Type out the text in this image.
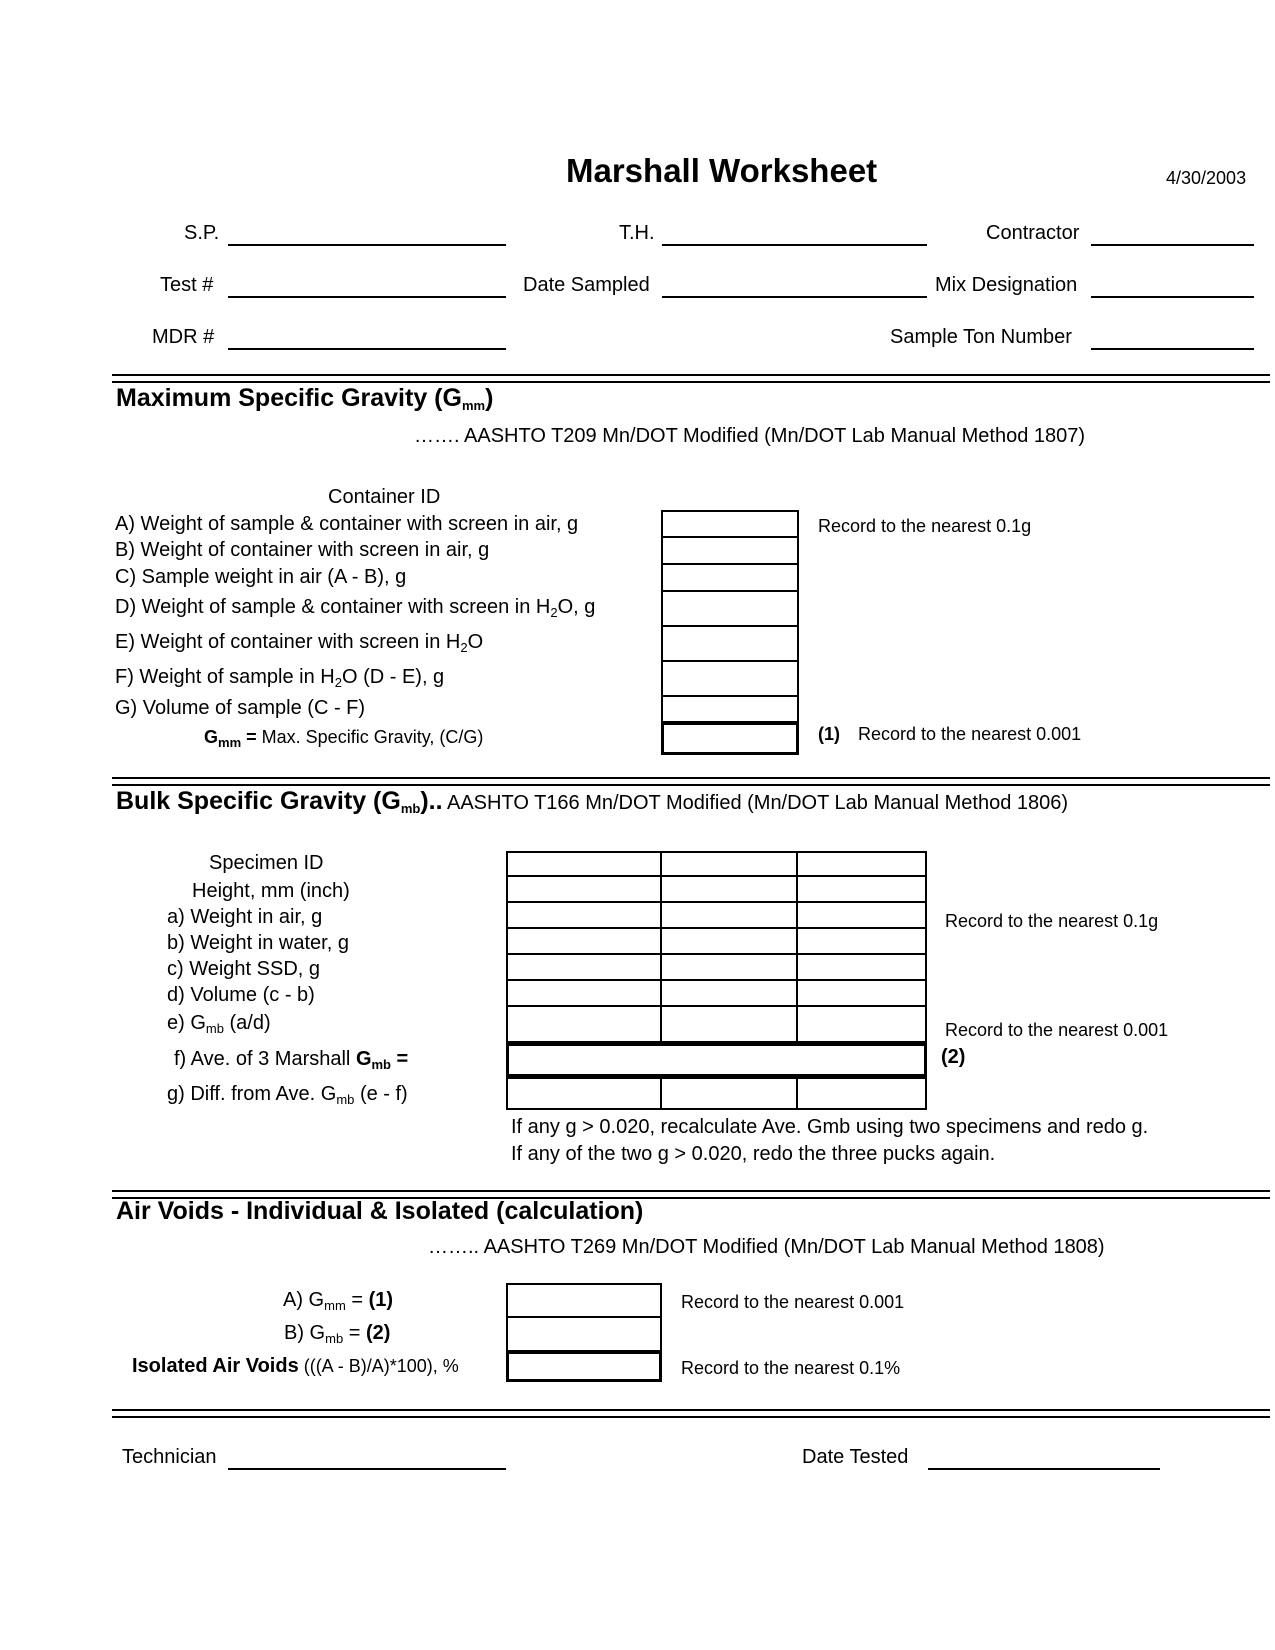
Marshall Worksheet	4/30/2003
S.P.	T.H.	Contractor
Test #	Date Sampled	Mix Designation
MDR #	Sample Ton Number
Maximum Specific Gravity $(G_{mm})$
……. AASHTO T209 Mn/DOT Modified (Mn/DOT Lab Manual Method 1807)
Container ID
A) Weight of sample & container with screen in air, g
B) Weight of container with screen in air, g
C) Sample weight in air (A - B), g
D) Weight of sample & container with screen in $H_2O$, g
E) Weight of container with screen in $H_2O$
F) Weight of sample in $H_2O$ (D - E), g
G) Volume of sample (C - F)
$G_{mm}$ = Max. Specific Gravity, (C/G)
Record to the nearest 0.1g
(1) Record to the nearest 0.001
Bulk Specific Gravity $(G_{mb})$.. AASHTO T166 Mn/DOT Modified (Mn/DOT Lab Manual Method 1806)
Specimen ID
Height, mm (inch)
a) Weight in air, g
b) Weight in water, g
c) Weight SSD, g
d) Volume (c - b)
e) $G_{mb}$ (a/d)
f) Ave. of 3 Marshall $G_{mb}$ =
g) Diff. from Ave. $G_{mb}$ (e - f)
Record to the nearest 0.1g
Record to the nearest 0.001
(2)
If any g > 0.020, recalculate Ave. Gmb using two specimens and redo g.
If any of the two g > 0.020, redo the three pucks again.
Air Voids - Individual & Isolated (calculation)
…….. AASHTO T269 Mn/DOT Modified (Mn/DOT Lab Manual Method 1808)
A) $G_{mm} = (1)$
B) $G_{mb} = (2)$
Isolated Air Voids (((A - B)/A)*100), %
Record to the nearest 0.001
Record to the nearest 0.1%
Technician	Date Tested
